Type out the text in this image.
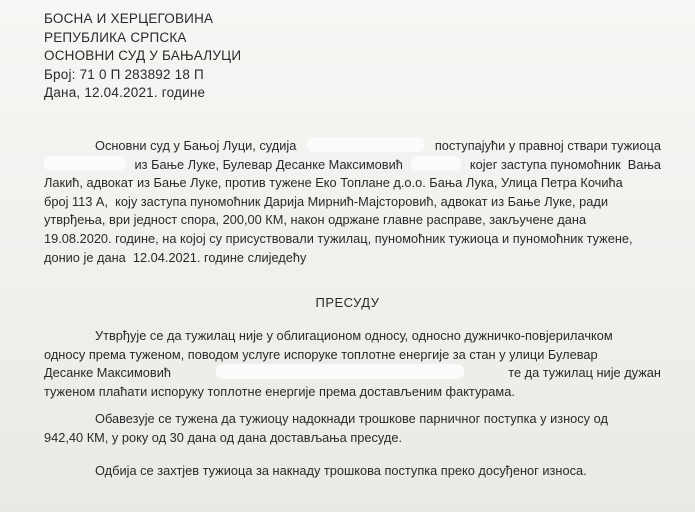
БОСНА И ХЕРЦЕГОВИНА
РЕПУБЛИКА СРПСКА
ОСНОВНИ СУД У БАЊАЛУЦИ
Број: 71 0 П 283892 18 П
Дана, 12.04.2021. године
Основни суд у Бањој Луци, судија	поступајући у правној ствари тужиоца
из Бање Луке, Булевар Десанке Максимовић	којег заступа пуномоћник  Вања
Лакић, адвокат из Бање Луке, против тужене Еко Топлане д.о.о. Бања Лука, Улица Петра Кочића
број 113 А,  коју заступа пуномоћник Дарија Мирнић-Мајсторовић, адвокат из Бање Луке, ради
утврђења, ври једност спора, 200,00 КМ, након одржане главне расправе, закључене дана
19.08.2020. године, на којој су присуствовали тужилац, пуномоћник тужиоца и пуномоћник тужене,
донио је дана  12.04.2021. године слиједећу
ПРЕСУДУ
Утврђује се да тужилац није у облигационом односу, односно дужничко-повјерилачком
односу према туженом, поводом услуге испоруке топлотне енергије за стан у улици Булевар
Десанке Максимовић	те да тужилац није дужан
туженом плаћати испоруку топлотне енергије према достављеним фактурама.
Обавезује се тужена да тужиоцу надокнади трошкове парничног поступка у износу од
942,40 КМ, у року од 30 дана од дана достављања пресуде.
Одбија се захтјев тужиоца за накнаду трошкова поступка преко досуђеног износа.
